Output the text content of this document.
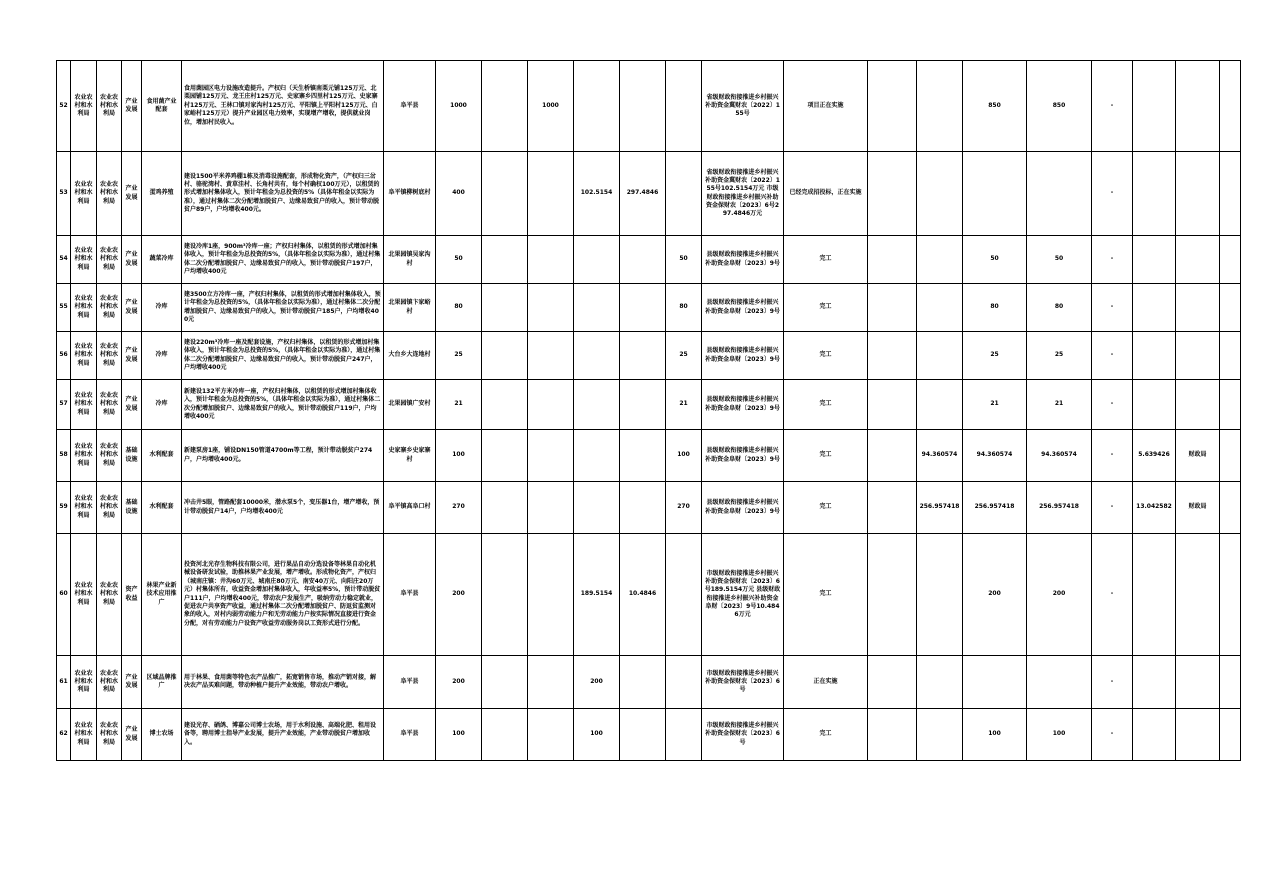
52	农业农村和水利局	农业农村和水利局	产业发展	食用菌产业配套	食用菌园区电力设施改造提升。产权归（天生桥镇南栗元铺125万元、北栗园铺125万元、龙王庄村125万元、史家寨乡四里村125万元、史家寨村125万元、王林口镇对家沟村125万元、平阳镇上平阳村125万元、白家峪村125万元）提升产业园区电力效率，实现增产增收，提供就业岗位，增加村民收入。	阜平县	1000		1000				省级财政衔接推进乡村振兴补助资金冀财农〔2022〕155号	项目正在实施			850	850	-			
53	农业农村和水利局	农业农村和水利局	产业发展	蛋鸡养殖	建设1500平米养鸡棚1栋及消毒设施配套，形成物化资产，（产权归三岔村、骆驼湾村、黄草洼村、长角村共有，每个村确权100万元），以租赁的形式增加村集体收入，预计年租金为总投资的5%（具体年租金以实际为准），通过村集体二次分配增加脱贫户、边缘易致贫户的收入，预计带动脱贫户89户，户均增收400元。	阜平镇柳树底村	400			102.5154	297.4846		省级财政衔接推进乡村振兴补助资金冀财农〔2022〕155号102.5154万元 市级财政衔接推进乡村振兴补助资金保财农〔2023〕6号297.4846万元	已经完成招投标，正在实施					-			
54	农业农村和水利局	农业农村和水利局	产业发展	蔬菜冷库	建设冷库1座，900m³冷库一座；产权归村集体，以租赁的形式增加村集体收入，预计年租金为总投资的5%，（具体年租金以实际为准），通过村集体二次分配增加脱贫户、边缘易致贫户的收入，预计带动脱贫户197户，户均增收400元	北果园镇吴家沟村	50					50	县级财政衔接推进乡村振兴补助资金阜财〔2023〕9号	完工			50	50	-			
55	农业农村和水利局	农业农村和水利局	产业发展	冷库	建3500立方冷库一座，产权归村集体，以租赁的形式增加村集体收入，预计年租金为总投资的5%，（具体年租金以实际为准），通过村集体二次分配增加脱贫户、边缘易致贫户的收入，预计带动脱贫户185户，户均增收400元	北果园镇卞家峪村	80					80	县级财政衔接推进乡村振兴补助资金阜财〔2023〕9号	完工			80	80	-			
56	农业农村和水利局	农业农村和水利局	产业发展	冷库	建设220m³冷库一座及配套设施，产权归村集体，以租赁的形式增加村集体收入，预计年租金为总投资的5%，（具体年租金以实际为准），通过村集体二次分配增加脱贫户、边缘易致贫户的收入，预计带动脱贫户247户，户均增收400元	大台乡大连地村	25					25	县级财政衔接推进乡村振兴补助资金阜财〔2023〕9号	完工			25	25	-			
57	农业农村和水利局	农业农村和水利局	产业发展	冷库	新建设132平方米冷库一座，产权归村集体，以租赁的形式增加村集体收入，预计年租金为总投资的5%，（具体年租金以实际为准），通过村集体二次分配增加脱贫户、边缘易致贫户的收入，预计带动脱贫户119户，户均增收400元	北果园镇广安村	21					21	县级财政衔接推进乡村振兴补助资金阜财〔2023〕9号	完工			21	21	-			
58	农业农村和水利局	农业农村和水利局	基础设施	水利配套	新建泵房1座，铺设DN150管道4700m等工程，预计带动脱贫户274户，户均增收400元。	史家寨乡史家寨村	100					100	县级财政衔接推进乡村振兴补助资金阜财〔2023〕9号	完工		94.360574	94.360574	94.360574	-	5.639426	财政局	
59	农业农村和水利局	农业农村和水利局	基础设施	水利配套	冲击井5眼，管路配套10000米，潜水泵5个，变压器1台，增产增收，预计带动脱贫户14户，户均增收400元	阜平镇高阜口村	270					270	县级财政衔接推进乡村振兴补助资金阜财〔2023〕9号	完工		256.957418	256.957418	256.957418	-	13.042582	财政局	
60	农业农村和水利局	农业农村和水利局	资产收益	林果产业新技术应用推广	投资河北光存生物科技有限公司，进行果品自动分选设备等林果自动化机械设备研发试验，助推林果产业发展，增产增收。形成物化资产，产权归（城南庄镇：井沟60万元、城南庄80万元、南安40万元、向阳庄20万元）村集体所有，收益资金增加村集体收入，年收益率5%，预计带动脱贫户111户，户均增收400元，带动农户发展生产，吸纳劳动力稳定就业，促进农户共享资产收益，通过村集体二次分配增加脱贫户、防返贫监测对象的收入，对村内弱劳动能力户和无劳动能力户按实际情况直接进行资金分配，对有劳动能力户设资产收益劳动服务岗以工资形式进行分配。	阜平县	200			189.5154	10.4846		市级财政衔接推进乡村振兴补助资金保财农〔2023〕6号189.5154万元 县级财政衔接推进乡村振兴补助资金阜财〔2023〕9号10.4846万元	完工			200	200	-			
61	农业农村和水利局	农业农村和水利局	产业发展	区域品牌推广	用于林果、食用菌等特色农产品推广，拓宽销售市场，推动产销对接，解决农产品买难问题，带动种植户提升产业效能，带动农户增收。	阜平县	200			200			市级财政衔接推进乡村振兴补助资金保财农〔2023〕6号	正在实施					-			
62	农业农村和水利局	农业农村和水利局	产业发展	博士农场	建设光存、硒鸽、博嘉公司博士农场，用于水利设施、高端化肥、租用设备等，聘用博士指导产业发展，提升产业效能，产业带动脱贫户增加收入。	阜平县	100			100			市级财政衔接推进乡村振兴补助资金保财农〔2023〕6号	完工			100	100	-			
